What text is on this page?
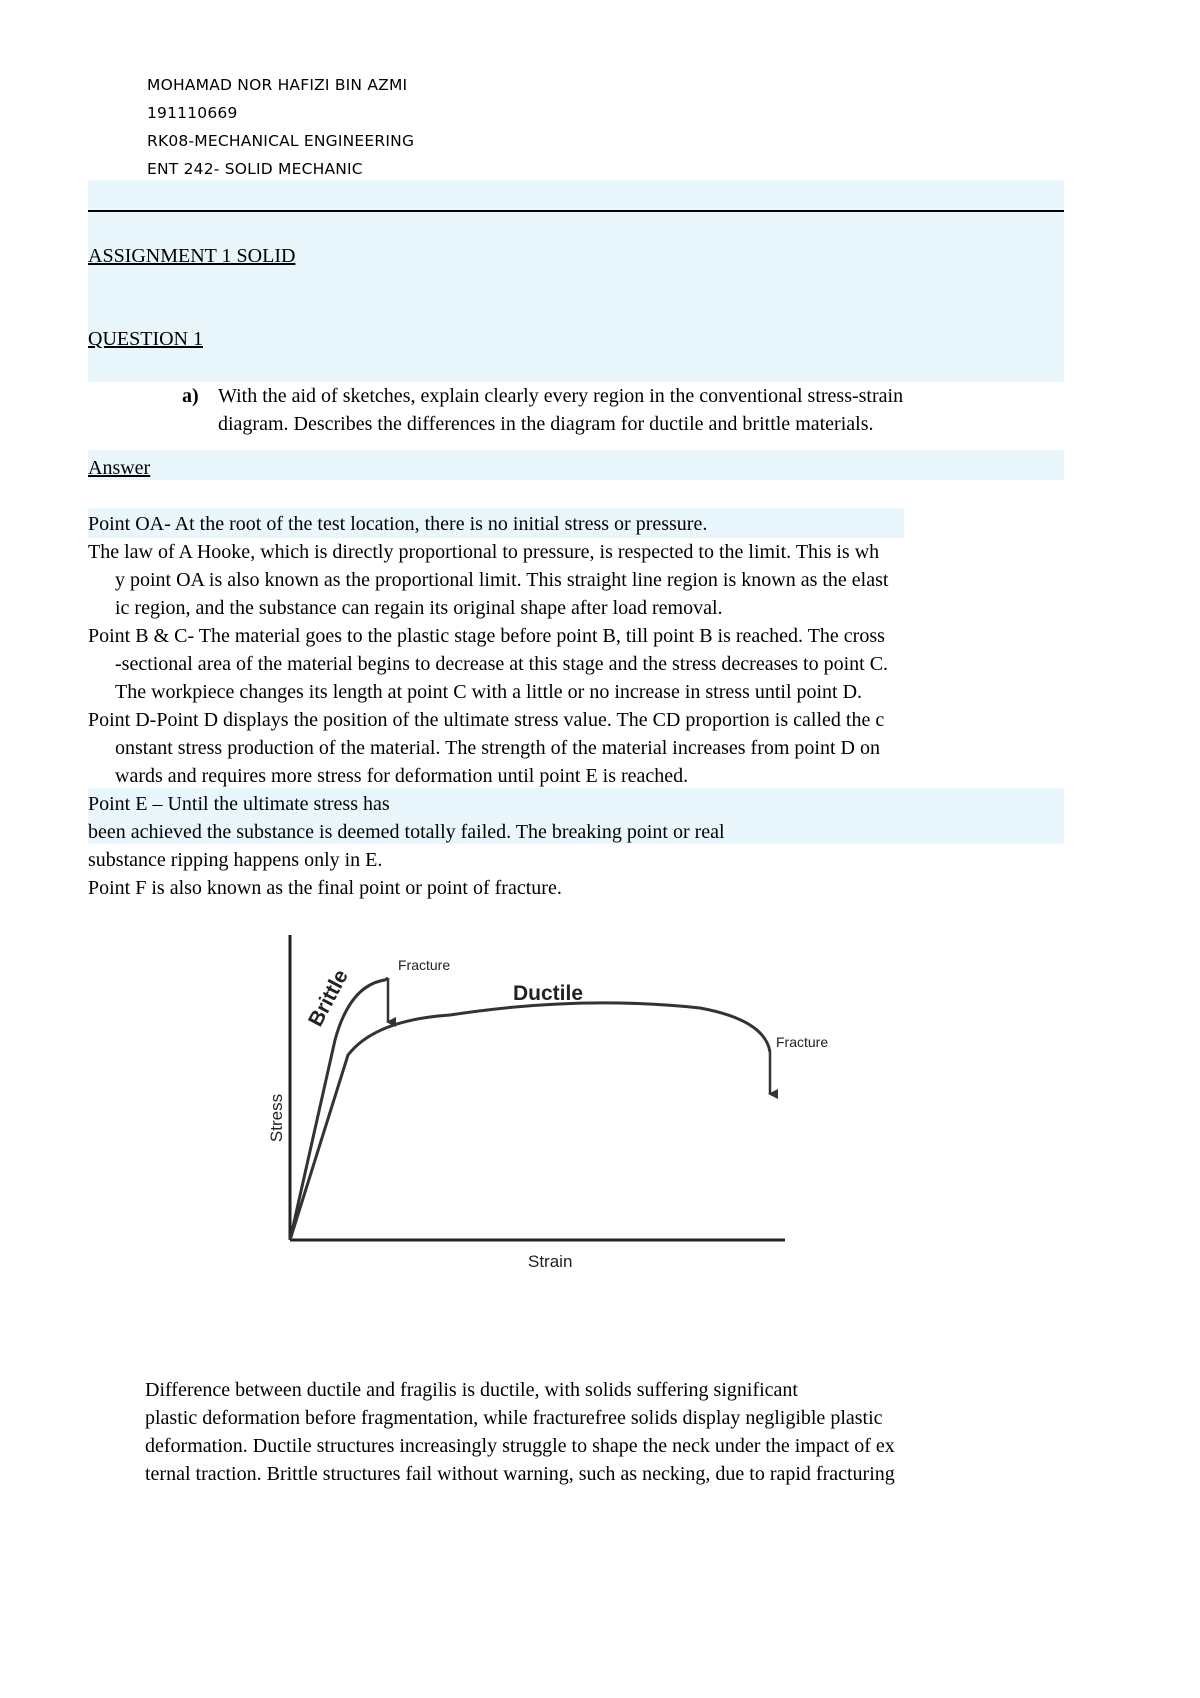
MOHAMAD NOR HAFIZI BIN AZMI
191110669
RK08-MECHANICAL ENGINEERING
ENT 242- SOLID MECHANIC
ASSIGNMENT 1 SOLID
QUESTION 1
a) With the aid of sketches, explain clearly every region in the conventional stress-strain
diagram. Describes the differences in the diagram for ductile and brittle materials.
Answer
Point OA- At the root of the test location, there is no initial stress or pressure.
The law of A Hooke, which is directly proportional to pressure, is respected to the limit. This is wh
y point OA is also known as the proportional limit. This straight line region is known as the elast
ic region, and the substance can regain its original shape after load removal.
Point B & C- The material goes to the plastic stage before point B, till point B is reached. The cross
-sectional area of the material begins to decrease at this stage and the stress decreases to point C.
The workpiece changes its length at point C with a little or no increase in stress until point D.
Point D-Point D displays the position of the ultimate stress value. The CD proportion is called the c
onstant stress production of the material. The strength of the material increases from point D on
wards and requires more stress for deformation until point E is reached.
Point E – Until the ultimate stress has
been achieved the substance is deemed totally failed. The breaking point or real
substance ripping happens only in E.
Point F is also known as the final point or point of fracture.
Brittle	Ductile
Fracture
Fracture
Strain
Stress
Difference between ductile and fragilis is ductile, with solids suffering significant
plastic deformation before fragmentation, while fracturefree solids display negligible plastic
deformation. Ductile structures increasingly struggle to shape the neck under the impact of ex
ternal traction. Brittle structures fail without warning, such as necking, due to rapid fracturing
